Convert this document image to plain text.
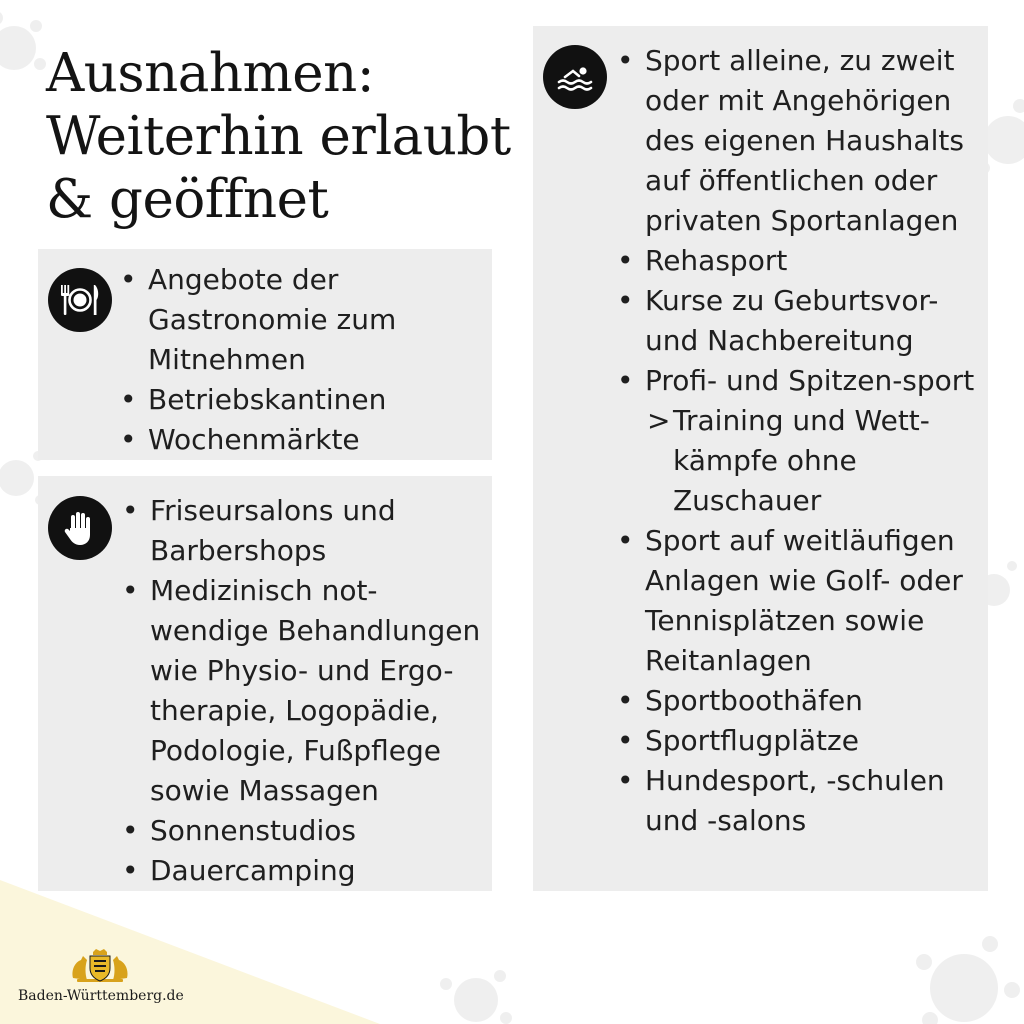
Ausnahmen:
Weiterhin erlaubt
& geöffnet
• Angebote der Gastronomie zum Mitnehmen
• Betriebskantinen
• Wochenmärkte
• Friseursalons und Barbershops
• Medizinisch not-wendige Behandlungen wie Physio- und Ergo-therapie, Logopädie, Podologie, Fußpflege sowie Massagen
• Sonnenstudios
• Dauercamping
• Sport alleine, zu zweit oder mit Angehörigen des eigenen Haushalts auf öffentlichen oder privaten Sportanlagen
• Rehasport
• Kurse zu Geburtsvor- und Nachbereitung
• Profi- und Spitzen-sport
> Training und Wett-kämpfe ohne Zuschauer
• Sport auf weitläufigen Anlagen wie Golf- oder Tennisplätzen sowie Reitanlagen
• Sportboothäfen
• Sportflugplätze
• Hundesport, -schulen und -salons
Baden-Württemberg.de
